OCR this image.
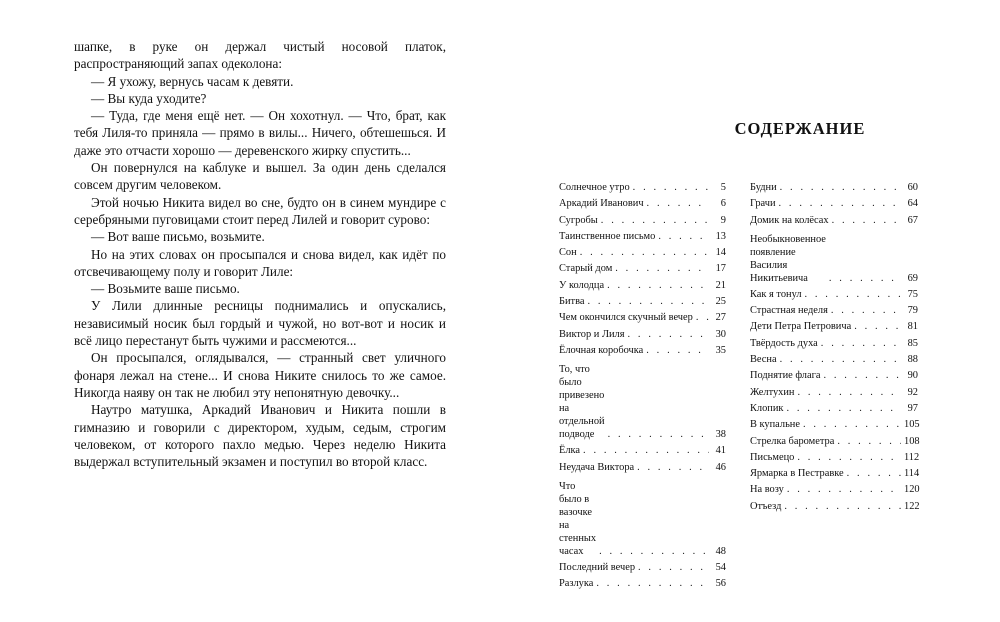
шапке, в руке он держал чистый носовой платок, распространяющий запах одеколона:

— Я ухожу, вернусь часам к девяти.

— Вы куда уходите?

— Туда, где меня ещё нет. — Он хохотнул. — Что, брат, как тебя Лиля-то приняла — прямо в вилы... Ничего, обтешешься. И даже это отчасти хорошо — деревенского жирку спустить...

Он повернулся на каблуке и вышел. За один день сделался совсем другим человеком.

Этой ночью Никита видел во сне, будто он в синем мундире с серебряными пуговицами стоит перед Лилей и говорит сурово:

— Вот ваше письмо, возьмите.

Но на этих словах он просыпался и снова видел, как идёт по отсвечивающему полу и говорит Лиле:

— Возьмите ваше письмо.

У Лили длинные ресницы поднимались и опускались, независимый носик был гордый и чужой, но вот-вот и носик и всё лицо перестанут быть чужими и рассмеются...

Он просыпался, оглядывался, — странный свет уличного фонаря лежал на стене... И снова Никите снилось то же самое. Никогда наяву он так не любил эту непонятную девочку...

Наутро матушка, Аркадий Иванович и Никита пошли в гимназию и говорили с директором, худым, седым, строгим человеком, от которого пахло медью. Через неделю Никита выдержал вступительный экзамен и поступил во второй класс.

СОДЕРЖАНИЕ
Солнечное утро . . .	5
Аркадий Иванович . . .	6
Сугробы . . .	9
Таинственное письмо . . .	13
Сон . . .	14
Старый дом . . .	17
У колодца . . .	21
Битва . . .	25
Чем окончился скучный вечер . . .	27
Виктор и Лиля . . .	30
Ёлочная коробочка . . .	35
То, что было привезено
на отдельной подводе . . .	38
Ёлка . . .	41
Неудача Виктора . . .	46
Что было в вазочке
на стенных часах . . .	48
Последний вечер . . .	54
Разлука . . .	56
Будни . . .	60
Грачи . . .	64
Домик на колёсах . . .	67
Необыкновенное появление
Василия Никитьевича . . .	69
Как я тонул . . .	75
Страстная неделя . . .	79
Дети Петра Петровича . . .	81
Твёрдость духа . . .	85
Весна . . .	88
Поднятие флага . . .	90
Желтухин . . .	92
Клопик . . .	97
В купальне . . .	105
Стрелка барометра . . .	108
Письмецо . . .	112
Ярмарка в Пестравке . . .	114
На возу . . .	120
Отъезд . . .	122
